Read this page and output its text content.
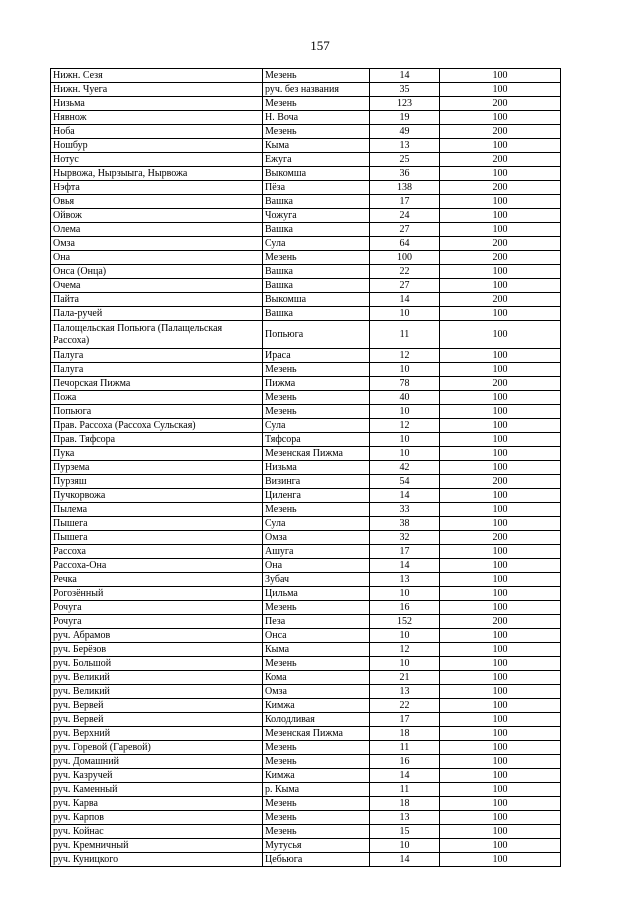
157
Нижн. Сезя	Мезень	14	100
Нижн. Чуега	руч. без названия	35	100
Низьма	Мезень	123	200
Нявнож	Н. Воча	19	100
Ноба	Мезень	49	200
Ношбур	Кыма	13	100
Нотус	Ежуга	25	200
Нырвожа, Нырзыыга, Нырвожа	Выкомша	36	100
Нэфта	Пёза	138	200
Овья	Вашка	17	100
Ойвож	Чожуга	24	100
Олема	Вашка	27	100
Омза	Сула	64	200
Она	Мезень	100	200
Онса (Онца)	Вашка	22	100
Очема	Вашка	27	100
Пайта	Выкомша	14	200
Пала-ручей	Вашка	10	100
Палощельская Попьюга (Палащельская Рассоха)	Попьюга	11	100
Палуга	Ираса	12	100
Палуга	Мезень	10	100
Печорская Пижма	Пижма	78	200
Пожа	Мезень	40	100
Попьюга	Мезень	10	100
Прав. Рассоха (Рассоха Сульская)	Сула	12	100
Прав. Тяфсора	Тяфсора	10	100
Пука	Мезенская Пижма	10	100
Пурзема	Низьма	42	100
Пурзяш	Визинга	54	200
Пучкорвожа	Циленга	14	100
Пылема	Мезень	33	100
Пышега	Сула	38	100
Пышега	Омза	32	200
Рассоха	Ашуга	17	100
Рассоха-Она	Она	14	100
Речка	Зубач	13	100
Рогозённый	Цильма	10	100
Рочуга	Мезень	16	100
Рочуга	Пеза	152	200
руч. Абрамов	Онса	10	100
руч. Берёзов	Кыма	12	100
руч. Большой	Мезень	10	100
руч. Великий	Кома	21	100
руч. Великий	Омза	13	100
руч. Вервей	Кимжа	22	100
руч. Вервей	Колодливая	17	100
руч. Верхний	Мезенская Пижма	18	100
руч. Горевой (Гаревой)	Мезень	11	100
руч. Домашний	Мезень	16	100
руч. Казручей	Кимжа	14	100
руч. Каменный	р. Кыма	11	100
руч. Карва	Мезень	18	100
руч. Карпов	Мезень	13	100
руч. Койнас	Мезень	15	100
руч. Кремничный	Мутусья	10	100
руч. Куницкого	Цебьюга	14	100
